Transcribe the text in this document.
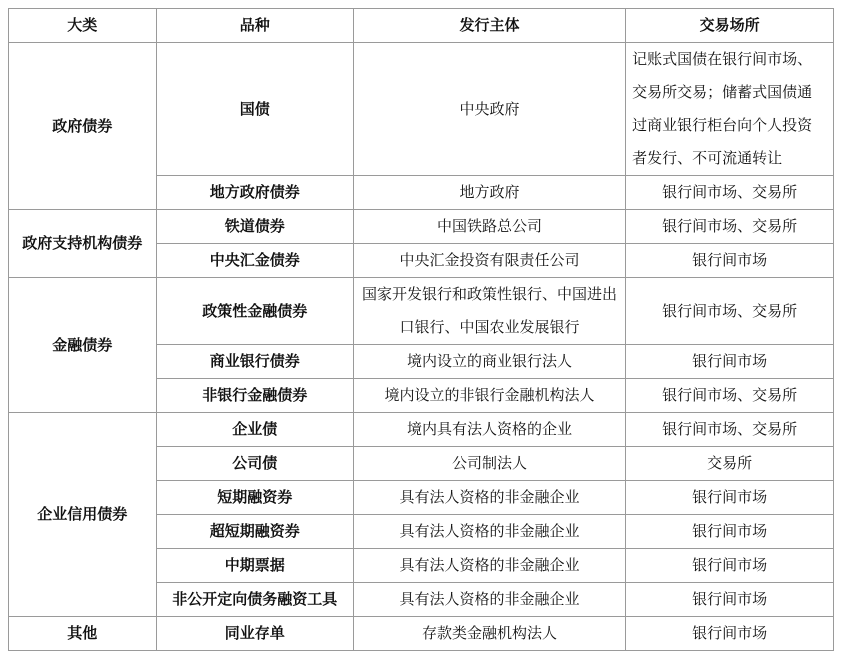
大类	品种	发行主体	交易场所
政府债券	国债	中央政府	记账式国债在银行间市场、交易所交易；储蓄式国债通过商业银行柜台向个人投资者发行、不可流通转让
	地方政府债券	地方政府	银行间市场、交易所
政府支持机构债券	铁道债券	中国铁路总公司	银行间市场、交易所
	中央汇金债券	中央汇金投资有限责任公司	银行间市场
金融债券	政策性金融债券	国家开发银行和政策性银行、中国进出口银行、中国农业发展银行	银行间市场、交易所
	商业银行债券	境内设立的商业银行法人	银行间市场
	非银行金融债券	境内设立的非银行金融机构法人	银行间市场、交易所
企业信用债券	企业债	境内具有法人资格的企业	银行间市场、交易所
	公司债	公司制法人	交易所
	短期融资券	具有法人资格的非金融企业	银行间市场
	超短期融资券	具有法人资格的非金融企业	银行间市场
	中期票据	具有法人资格的非金融企业	银行间市场
	非公开定向债务融资工具	具有法人资格的非金融企业	银行间市场
其他	同业存单	存款类金融机构法人	银行间市场
